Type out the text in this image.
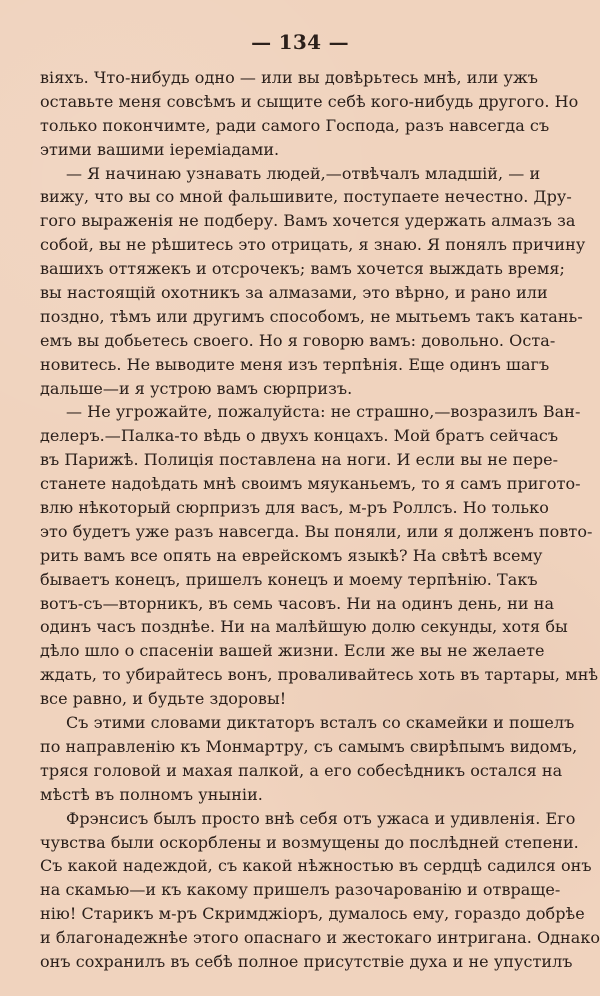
— 134 —
віяхъ. Что-нибудь одно — или вы довѣрьтесь мнѣ, или ужъ
оставьте меня совсѣмъ и сыщите себѣ кого-нибудь другого. Но
только покончимте, ради самого Господа, разъ навсегда съ
этими вашими іереміадами.
— Я начинаю узнавать людей,—отвѣчалъ младшій, — и
вижу, что вы со мной фальшивите, поступаете нечестно. Дру-
гого выраженія не подберу. Вамъ хочется удержать алмазъ за
собой, вы не рѣшитесь это отрицать, я знаю. Я понялъ причину
вашихъ оттяжекъ и отсрочекъ; вамъ хочется выждать время;
вы настоящій охотникъ за алмазами, это вѣрно, и рано или
поздно, тѣмъ или другимъ способомъ, не мытьемъ такъ катань-
емъ вы добьетесь своего. Но я говорю вамъ: довольно. Оста-
новитесь. Не выводите меня изъ терпѣнія. Еще одинъ шагъ
дальше—и я устрою вамъ сюрпризъ.
— Не угрожайте, пожалуйста: не страшно,—возразилъ Ван-
делеръ.—Палка-то вѣдь о двухъ концахъ. Мой братъ сейчасъ
въ Парижѣ. Полиція поставлена на ноги. И если вы не пере-
станете надоѣдать мнѣ своимъ мяуканьемъ, то я самъ пригото-
влю нѣкоторый сюрпризъ для васъ, м-ръ Роллсъ. Но только
это будетъ уже разъ навсегда. Вы поняли, или я долженъ повто-
рить вамъ все опять на еврейскомъ языкѣ? На свѣтѣ всему
бываетъ конецъ, пришелъ конецъ и моему терпѣнію. Такъ
вотъ-съ—вторникъ, въ семь часовъ. Ни на одинъ день, ни на
одинъ часъ позднѣе. Ни на малѣйшую долю секунды, хотя бы
дѣло шло о спасеніи вашей жизни. Если же вы не желаете
ждать, то убирайтесь вонъ, проваливайтесь хоть въ тартары, мнѣ
все равно, и будьте здоровы!
Съ этими словами диктаторъ всталъ со скамейки и пошелъ
по направленію къ Монмартру, съ самымъ свирѣпымъ видомъ,
тряся головой и махая палкой, а его собесѣдникъ остался на
мѣстѣ въ полномъ уныніи.
Фрэнсисъ былъ просто внѣ себя отъ ужаса и удивленія. Его
чувства были оскорблены и возмущены до послѣдней степени.
Съ какой надеждой, съ какой нѣжностью въ сердцѣ садился онъ
на скамью—и къ какому пришелъ разочарованію и отвраще-
нію! Старикъ м-ръ Скримджіоръ, думалось ему, гораздо добрѣе
и благонадежнѣе этого опаснаго и жестокаго интригана. Однако
онъ сохранилъ въ себѣ полное присутствіе духа и не упустилъ
